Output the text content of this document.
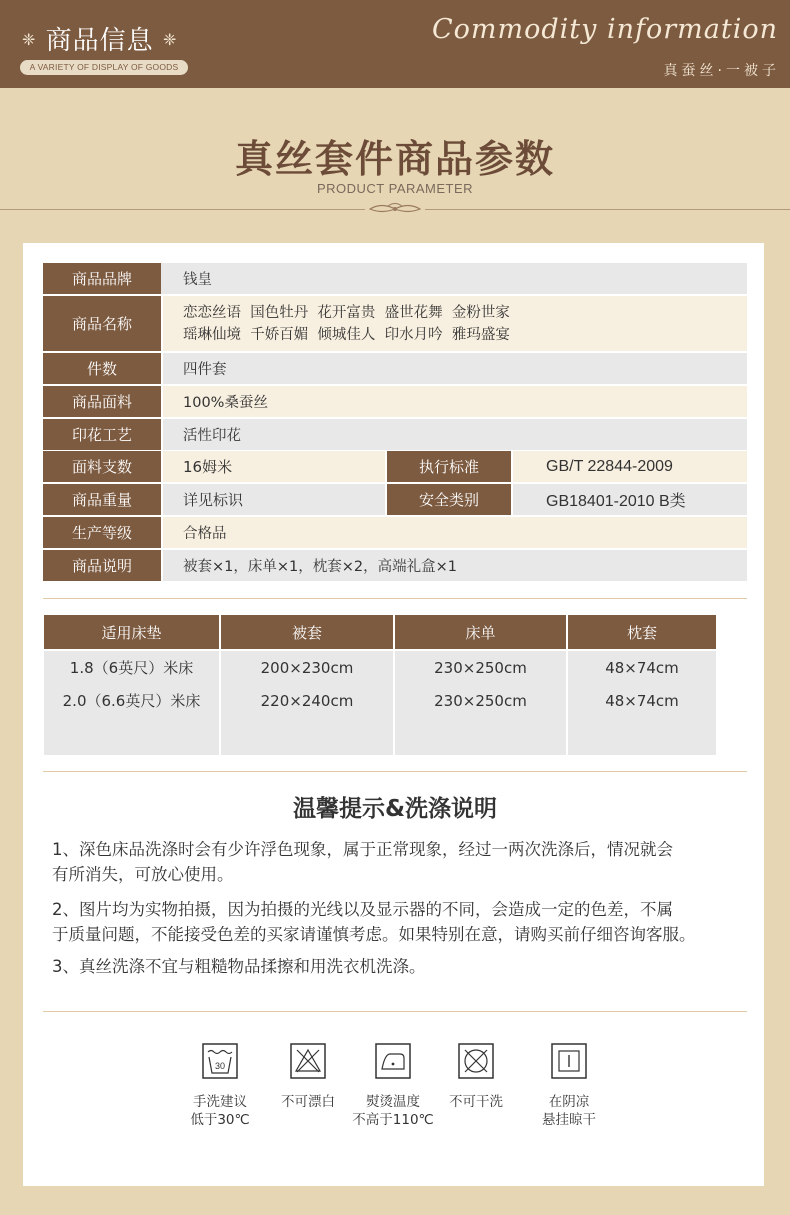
❈ 商品信息 ❈
A VARIETY OF DISPLAY OF GOODS
Commodity information
真蚕丝·一被子
真丝套件商品参数
PRODUCT PARAMETER
商品品牌	钱皇
商品名称
恋恋丝语  国色牡丹  花开富贵  盛世花舞  金粉世家
瑶琳仙境  千娇百媚  倾城佳人  印水月吟  雅玛盛宴
件数	四件套
商品面料	100%桑蚕丝
印花工艺	活性印花
面料支数	16姆米	执行标准	GB/T 22844-2009
商品重量	详见标识	安全类别	GB18401-2010 B类
生产等级	合格品
商品说明	被套×1，床单×1，枕套×2，高端礼盒×1
适用床垫	被套	床单	枕套
1.8（6英尺）米床	200×230cm	230×250cm	48×74cm
2.0（6.6英尺）米床	220×240cm	230×250cm	48×74cm
温馨提示&洗涤说明
1、深色床品洗涤时会有少许浮色现象，属于正常现象，经过一两次洗涤后，情况就会
有所消失，可放心使用。
2、图片均为实物拍摄，因为拍摄的光线以及显示器的不同，会造成一定的色差，不属
于质量问题，不能接受色差的买家请谨慎考虑。如果特别在意，请购买前仔细咨询客服。
3、真丝洗涤不宜与粗糙物品揉擦和用洗衣机洗涤。
30
手洗建议
低于30℃
不可漂白	熨烫温度
不高于110℃
不可干洗	在阴凉
悬挂晾干
